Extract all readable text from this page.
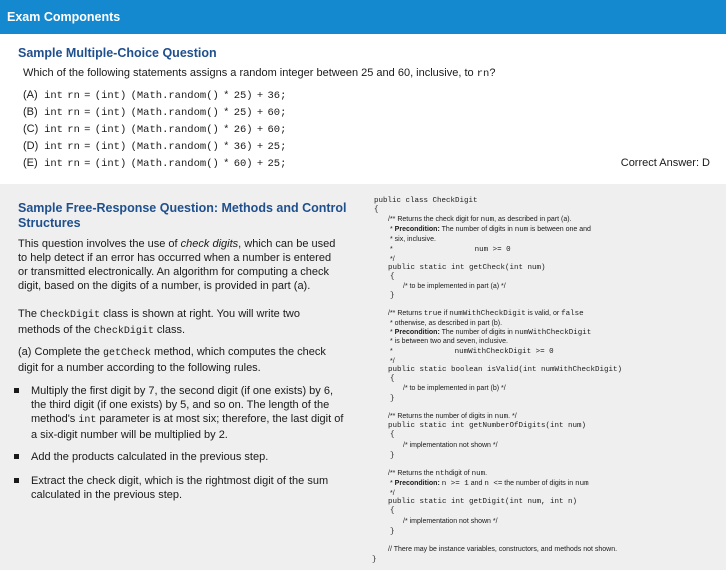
Exam Components
Sample Multiple-Choice Question
Which of the following statements assigns a random integer between 25 and 60, inclusive, to rn?
(A) int rn = (int) (Math.random() * 25) + 36;
(B) int rn = (int) (Math.random() * 25) + 60;
(C) int rn = (int) (Math.random() * 26) + 60;
(D) int rn = (int) (Math.random() * 36) + 25;
(E) int rn = (int) (Math.random() * 60) + 25;	Correct Answer: D
Sample Free-Response Question: Methods and Control Structures
This question involves the use of check digits, which can be used to help detect if an error has occurred when a number is entered or transmitted electronically. An algorithm for computing a check digit, based on the digits of a number, is provided in part (a).
The CheckDigit class is shown at right. You will write two methods of the CheckDigit class.
(a) Complete the getCheck method, which computes the check digit for a number according to the following rules.
Multiply the first digit by 7, the second digit (if one exists) by 6, the third digit (if one exists) by 5, and so on. The length of the method's int parameter is at most six; therefore, the last digit of a six-digit number will be multiplied by 2.
Add the products calculated in the previous step.
Extract the check digit, which is the rightmost digit of the sum calculated in the previous step.
public class CheckDigit
{
/** Returns the check digit for num, as described in part (a).
* Precondition: The number of digits in num is between one and
* six, inclusive.
*	num >= 0
*/
public static int getCheck(int num)
{
/* to be implemented in part (a) */
}
/** Returns true if numWithCheckDigit is valid, or false
* otherwise, as described in part (b).
* Precondition: The number of digits in numWithCheckDigit
* is between two and seven, inclusive.
*	numWithCheckDigit >= 0
*/
public static boolean isValid(int numWithCheckDigit)
{
/* to be implemented in part (b) */
}
/** Returns the number of digits in num. */
public static int getNumberOfDigits(int num)
{
/* implementation not shown */
}
/** Returns the nthdigit of num.
* Precondition: n >= 1 and n <= the number of digits in num
*/
public static int getDigit(int num, int n)
{
/* implementation not shown */
}
// There may be instance variables, constructors, and methods not shown.
}
